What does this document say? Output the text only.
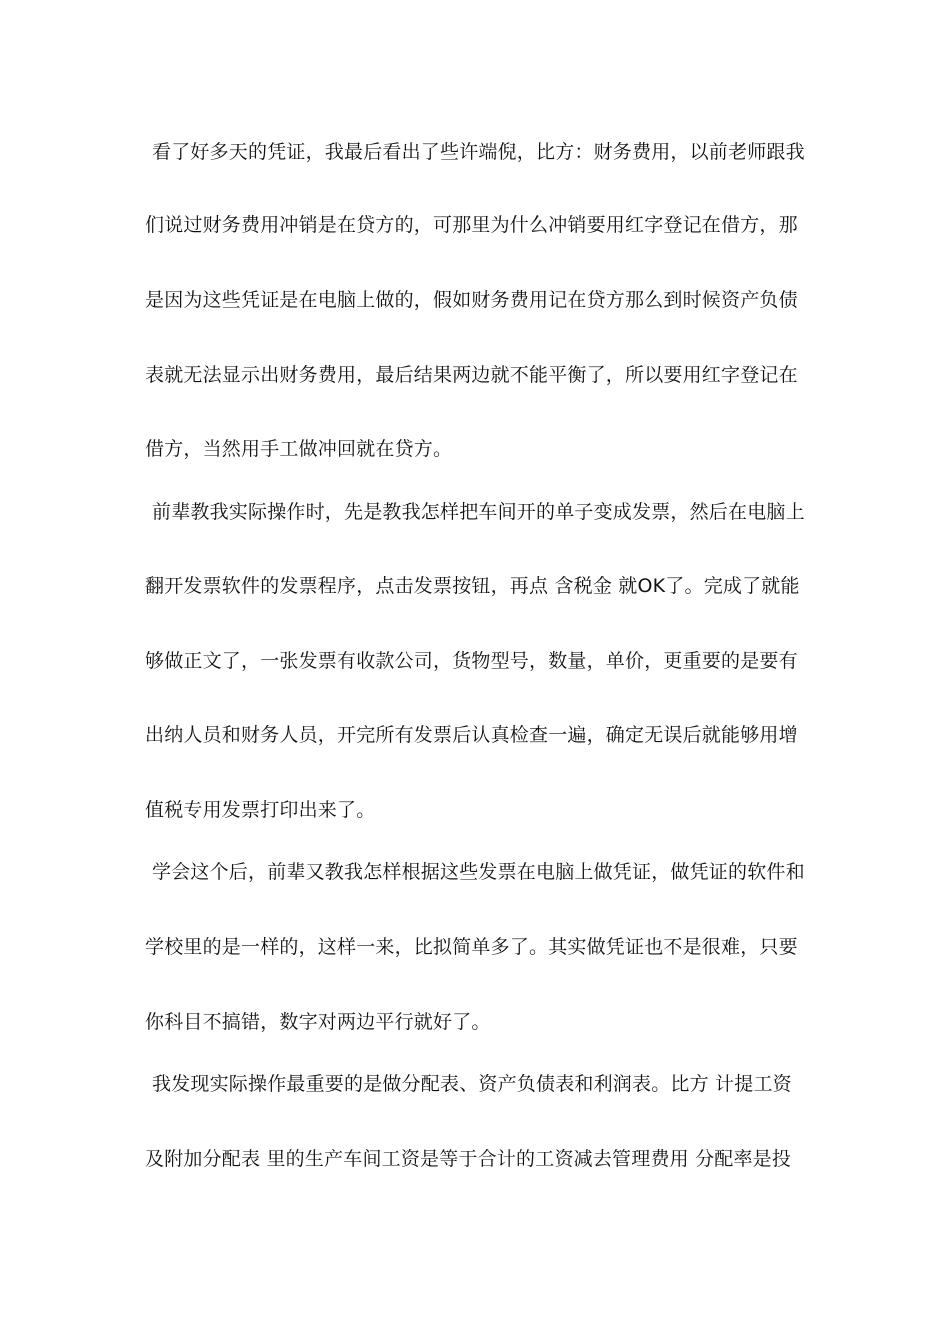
看了好多天的凭证，我最后看出了些许端倪，比方：财务费用，以前老师跟我
们说过财务费用冲销是在贷方的，可那里为什么冲销要用红字登记在借方，那
是因为这些凭证是在电脑上做的，假如财务费用记在贷方那么到时候资产负债
表就无法显示出财务费用，最后结果两边就不能平衡了，所以要用红字登记在
借方，当然用手工做冲回就在贷方。
前辈教我实际操作时，先是教我怎样把车间开的单子变成发票，然后在电脑上
翻开发票软件的发票程序，点击发票按钮，再点 含税金 就OK了。完成了就能
够做正文了，一张发票有收款公司，货物型号，数量，单价，更重要的是要有
出纳人员和财务人员，开完所有发票后认真检查一遍，确定无误后就能够用增
值税专用发票打印出来了。
学会这个后，前辈又教我怎样根据这些发票在电脑上做凭证，做凭证的软件和
学校里的是一样的，这样一来，比拟简单多了。其实做凭证也不是很难，只要
你科目不搞错，数字对两边平行就好了。
我发现实际操作最重要的是做分配表、资产负债表和利润表。比方 计提工资
及附加分配表 里的生产车间工资是等于合计的工资减去管理费用 分配率是投
